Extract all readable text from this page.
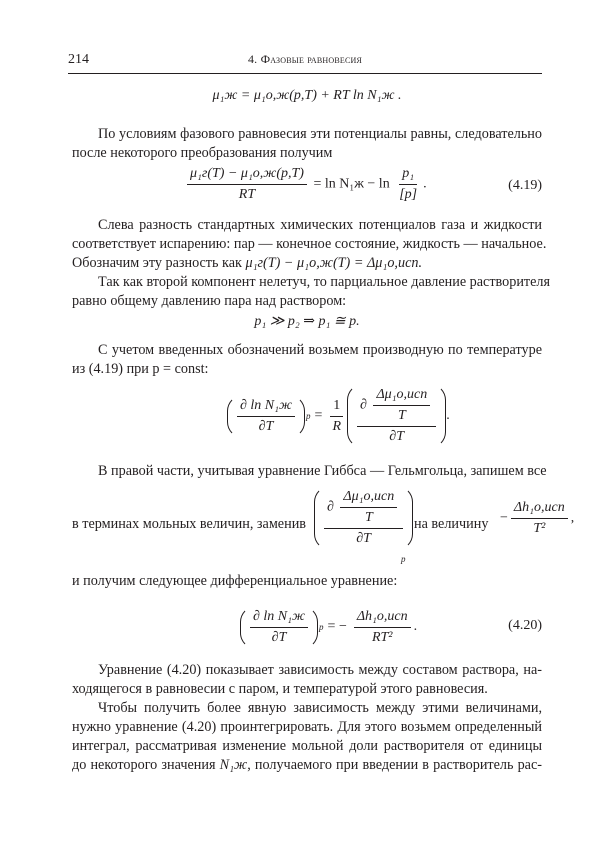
214	4. Фазовые равновесия
μ₁ж = μ₁о,ж(p,T) + RT ln N₁ж .
По условиям фазового равновесия эти потенциалы равны, следовательно
после некоторого преобразования получим
$\frac{\text{μ₁г(T) − μ₁о,ж(p,T)}}{RT} = \ln N_1ж - \ln \frac{\text{p₁}}{[p]}$ .	(4.19)
Слева разность стандартных химических потенциалов газа и жидкости
соответствует испарению: пар — конечное состояние, жидкость — начальное.
Обозначим эту разность как μ₁г(T) − μ₁о,ж(T) = Δμ₁о,исп.
Так как второй компонент нелетуч, то парциальное давление растворителя
равно общему давлению пара над раствором:
p₁ ≫ p₂ ⇒ p₁ ≅ p.
С учетом введенных обозначений возьмем производную по температуре
из (4.19) при p = const:
$\frac{\text{∂ ln N₁ж}}{\partial T}$ $p = \frac{1}{R} \frac{\partial \frac{\text{Δμ₁о,исп}}{T}}{\partial T}$ .
В правой части, учитывая уравнение Гиббса — Гельмгольца, запишем все
в терминах мольных величин, заменив $\frac{\partial \frac{\text{Δμ₁о,исп}}{T}}{\partial T}$
p
на величину − $\frac{\text{Δh₁о,исп}}{\text{T²}}$ ,
и получим следующее дифференциальное уравнение:
$\frac{\text{∂ ln N₁ж}}{\partial T}$ p = − $\frac{\text{Δh₁о,исп}}{\text{RT²}}$ .	(4.20)
Уравнение (4.20) показывает зависимость между составом раствора, на-
ходящегося в равновесии с паром, и температурой этого равновесия.
Чтобы получить более явную зависимость между этими величинами,
нужно уравнение (4.20) проинтегрировать. Для этого возьмем определенный
интеграл, рассматривая изменение мольной доли растворителя от единицы
до некоторого значения N₁ж, получаемого при введении в растворитель рас-
